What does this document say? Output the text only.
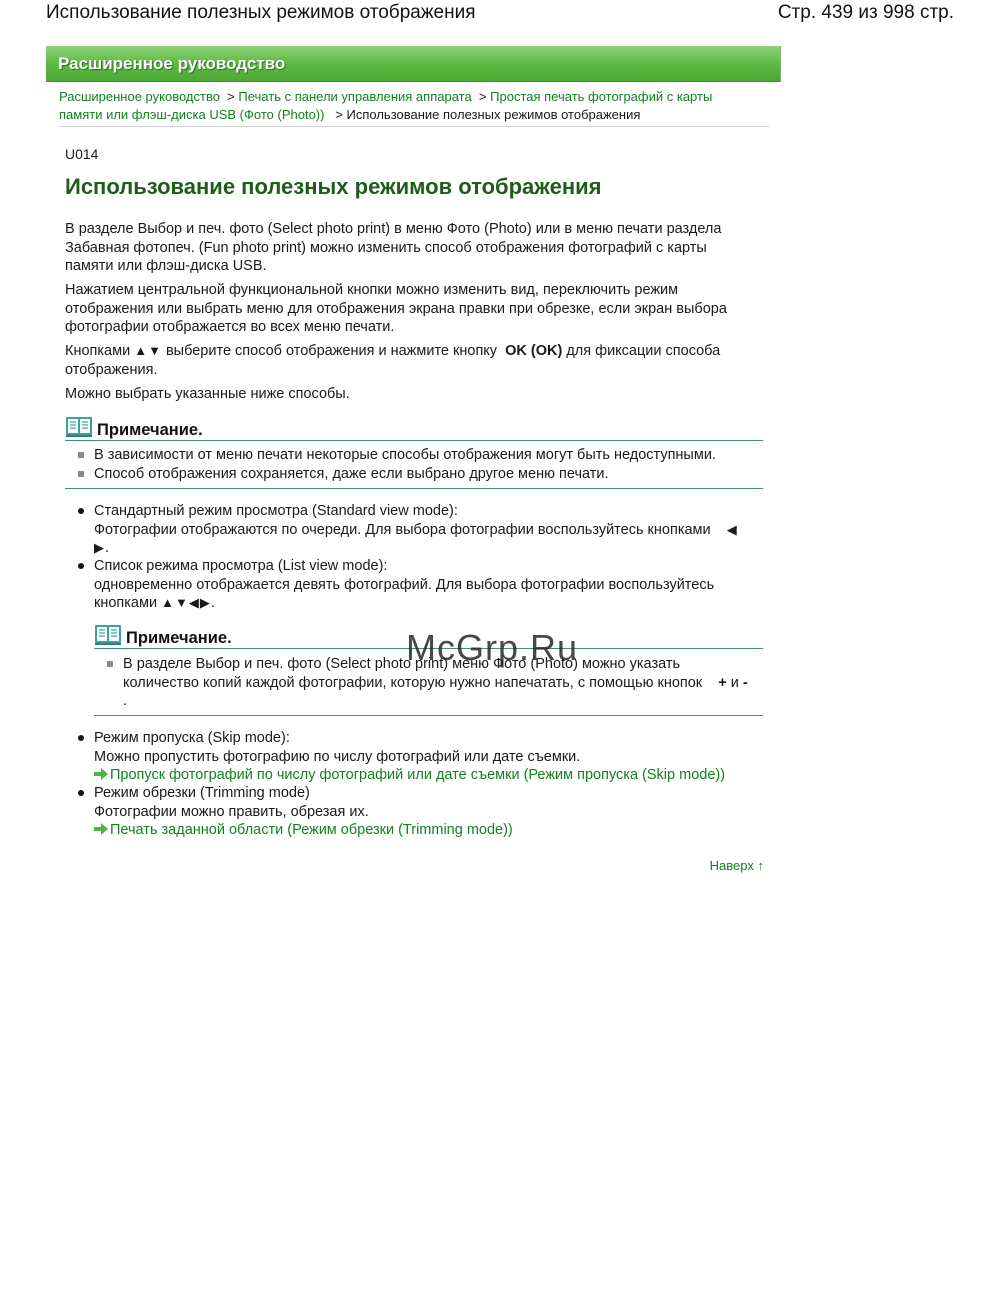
Использование полезных режимов отображения	Стр. 439 из 998 стр.
Расширенное руководство
Расширенное руководство > Печать с панели управления аппарата > Простая печать фотографий с карты
памяти или флэш-диска USB (Фото (Photo)) > Использование полезных режимов отображения
U014
Использование полезных режимов отображения

В разделе Выбор и печ. фото (Select photo print) в меню Фото (Photo) или в меню печати раздела
Забавная фотопеч. (Fun photo print) можно изменить способ отображения фотографий с карты
памяти или флэш-диска USB.

Нажатием центральной функциональной кнопки можно изменить вид, переключить режим
отображения или выбрать меню для отображения экрана правки при обрезке, если экран выбора
фотографии отображается во всех меню печати.

Кнопками ▲▼ выберите способ отображения и нажмите кнопку OK (OK) для фиксации способа
отображения.

Можно выбрать указанные ниже способы.

Примечание.
В зависимости от меню печати некоторые способы отображения могут быть недоступными.
Способ отображения сохраняется, даже если выбрано другое меню печати.
Стандартный режим просмотра (Standard view mode):
Фотографии отображаются по очереди. Для выбора фотографии воспользуйтесь кнопками ◀
▶.
Список режима просмотра (List view mode):
одновременно отображается девять фотографий. Для выбора фотографии воспользуйтесь
кнопками ▲▼◀▶.
Примечание.
В разделе Выбор и печ. фото (Select photo print) меню Фото (Photo) можно указать
количество копий каждой фотографии, которую нужно напечатать, с помощью кнопок + и -
.
Режим пропуска (Skip mode):
Можно пропустить фотографию по числу фотографий или дате съемки.
Пропуск фотографий по числу фотографий или дате съемки (Режим пропуска (Skip mode))
Режим обрезки (Trimming mode)
Фотографии можно править, обрезая их.
Печать заданной области (Режим обрезки (Trimming mode))
Наверх ↑
McGrp.Ru
